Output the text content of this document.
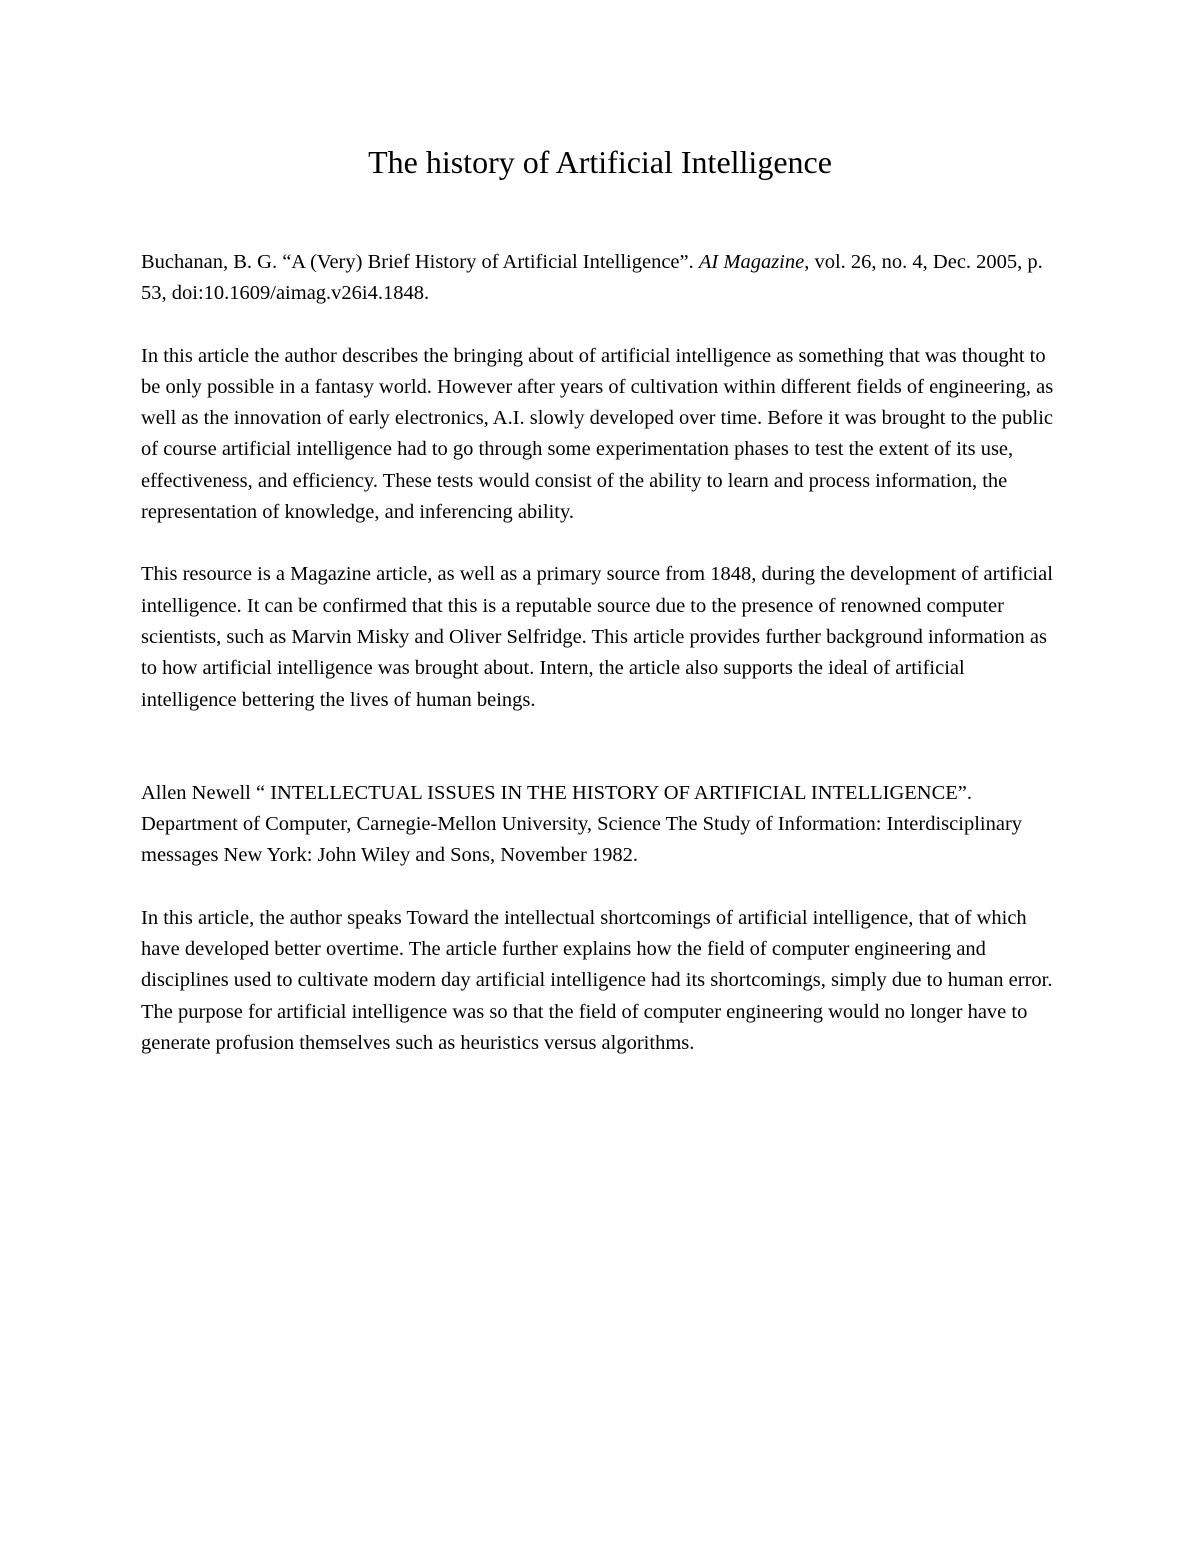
The history of Artificial Intelligence

Buchanan, B. G. “A (Very) Brief History of Artificial Intelligence”. AI Magazine, vol. 26, no. 4, Dec. 2005, p. 53, doi:10.1609/aimag.v26i4.1848.

In this article the author describes the bringing about of artificial intelligence as something that was thought to be only possible in a fantasy world. However after years of cultivation within different fields of engineering, as well as the innovation of early electronics, A.I. slowly developed over time. Before it was brought to the public of course artificial intelligence had to go through some experimentation phases to test the extent of its use, effectiveness, and efficiency. These tests would consist of the ability to learn and process information, the representation of knowledge, and inferencing ability.

This resource is a Magazine article, as well as a primary source from 1848, during the development of artificial intelligence. It can be confirmed that this is a reputable source due to the presence of renowned computer scientists, such as Marvin Misky and Oliver Selfridge. This article provides further background information as to how artificial intelligence was brought about. Intern, the article also supports the ideal of artificial intelligence bettering the lives of human beings.

Allen Newell “ INTELLECTUAL ISSUES IN THE HISTORY OF ARTIFICIAL INTELLIGENCE”. Department of Computer, Carnegie-Mellon University, Science The Study of Information: Interdisciplinary messages New York: John Wiley and Sons, November 1982.

In this article, the author speaks Toward the intellectual shortcomings of artificial intelligence, that of which have developed better overtime. The article further explains how the field of computer engineering and disciplines used to cultivate modern day artificial intelligence had its shortcomings, simply due to human error. The purpose for artificial intelligence was so that the field of computer engineering would no longer have to generate profusion themselves such as heuristics versus algorithms.
